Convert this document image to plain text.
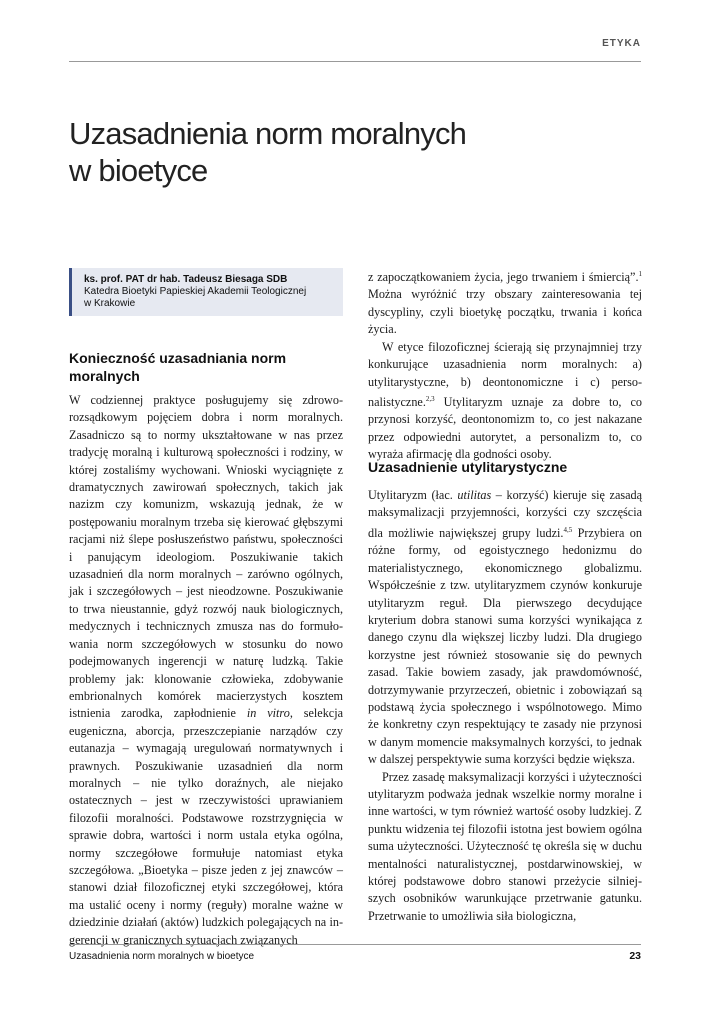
ETYKA
Uzasadnienia norm moralnych
w bioetyce
ks. prof. PAT dr hab. Tadeusz Biesaga SDB
Katedra Bioetyki Papieskiej Akademii Teologicznej
w Krakowie
Konieczność uzasadniania norm
moralnych

W codziennej praktyce posługujemy się zdroworozsądkowym pojęciem dobra i norm moralnych. Zasadniczo są to normy ukształtowane w nas przez tradycję moralną i kulturową społeczności i rodziny, w której zostaliśmy wychowani. Wnioski wyciągnięte z dramatycznych zawirowań społecznych, takich jak nazizm czy komunizm, wskazują jednak, że w postępowaniu moralnym trzeba się kierować głębszymi racjami niż ślepe posłuszeństwo państwu, społeczności i panującym ideologiom. Poszukiwanie takich uzasadnień dla norm moralnych – zarówno ogólnych, jak i szczegółowych – jest nieodzowne. Poszukiwanie to trwa nieustannie, gdyż rozwój nauk biologicznych, medycznych i technicznych zmusza nas do formułowania norm szczegółowych w stosunku do nowo podejmowanych ingerencji w naturę ludzką. Takie problemy jak: klonowanie człowieka, zdobywanie embrionalnych komórek macierzystych kosztem istnienia zarodka, zapłodnienie in vitro, selekcja eugeniczna, aborcja, przeszczepianie narządów czy eutanazja – wymagają uregulowań normatywnych i prawnych. Poszukiwanie uzasadnień dla norm moralnych – nie tylko doraźnych, ale niejako ostatecznych – jest w rzeczywistości uprawianiem filozofii moralności. Podstawowe rozstrzygnięcia w sprawie dobra, wartości i norm ustala etyka ogólna, normy szczegółowe formułuje natomiast etyka szczegółowa. „Bioetyka – pisze jeden z jej znawców – stanowi dział filozoficznej etyki szczegółowej, która ma ustalić oceny i normy (reguły) moralne ważne w dziedzinie działań (aktów) ludzkich polegających na ingerencji w granicznych sytuacjach związanych

z zapoczątkowaniem życia, jego trwaniem i śmiercią”.$^1$ Można wyróżnić trzy obszary zainteresowania tej dyscypliny, czyli bioetykę początku, trwania i końca życia.

W etyce filozoficznej ścierają się przynajmniej trzy konkurujące uzasadnienia norm moralnych: a) utylitarystyczne, b) deontonomiczne i c) personalistyczne.$^{2,3}$ Utylitaryzm uznaje za dobre to, co przynosi korzyść, deontonomizm to, co jest nakazane przez odpowiedni autorytet, a personalizm to, co wyraża afirmację dla godności osoby.

Uzasadnienie utylitarystyczne

Utylitaryzm (łac. utilitas – korzyść) kieruje się zasadą maksymalizacji przyjemności, korzyści czy szczęścia dla możliwie największej grupy ludzi.$^{4,5}$ Przybiera on różne formy, od egoistycznego hedonizmu do materialistycznego, ekonomicznego globalizmu. Współcześnie z tzw. utylitaryzmem czynów konkuruje utylitaryzm reguł. Dla pierwszego decydujące kryterium dobra stanowi suma korzyści wynikająca z danego czynu dla większej liczby ludzi. Dla drugiego korzystne jest również stosowanie się do pewnych zasad. Takie bowiem zasady, jak prawdomówność, dotrzymywanie przyrzeczeń, obietnic i zobowiązań są podstawą życia społecznego i wspólnotowego. Mimo że konkretny czyn respektujący te zasady nie przynosi w danym momencie maksymalnych korzyści, to jednak w dalszej perspektywie suma korzyści będzie większa.

Przez zasadę maksymalizacji korzyści i użyteczności utylitaryzm podważa jednak wszelkie normy moralne i inne wartości, w tym również wartość osoby ludzkiej. Z punktu widzenia tej filozofii istotna jest bowiem ogólna suma użyteczności. Użyteczność tę określa się w duchu mentalności naturalistycznej, postdarwinowskiej, w której podstawowe dobro stanowi przeżycie silniejszych osobników warunkujące przetrwanie gatunku. Przetrwanie to umożliwia siła biologiczna,

Uzasadnienia norm moralnych w bioetyce	23
